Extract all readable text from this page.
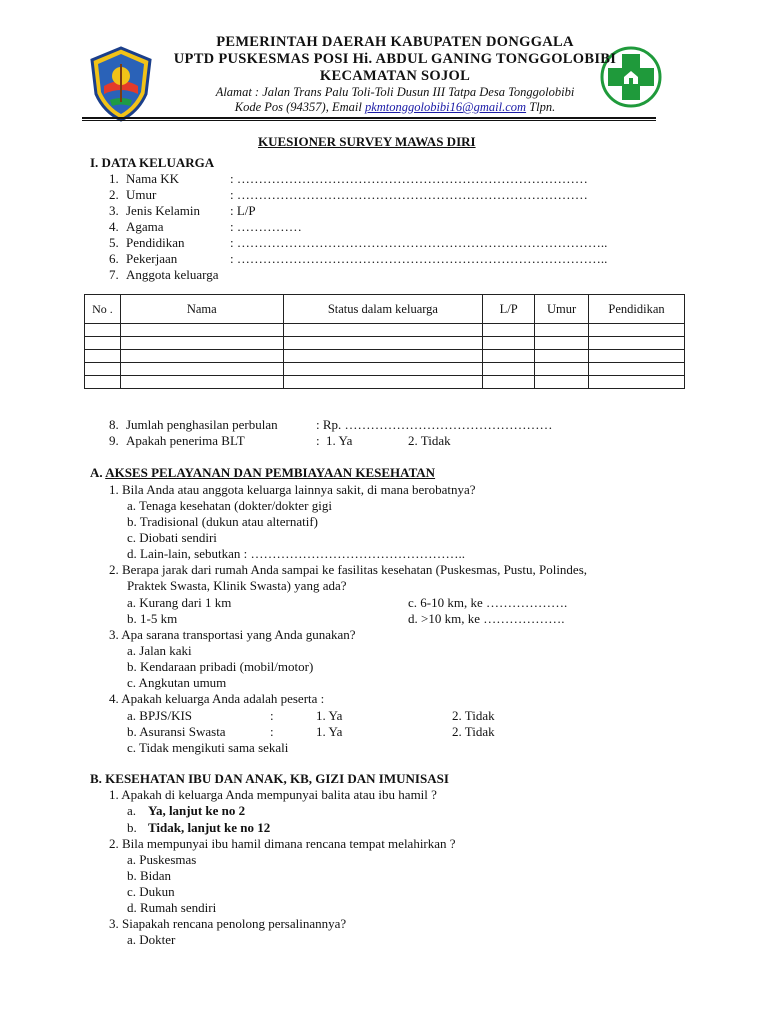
PEMERINTAH DAERAH KABUPATEN DONGGALA
UPTD PUSKESMAS POSI Hi. ABDUL GANING TONGGOLOBIBI
KECAMATAN SOJOL
Alamat : Jalan Trans Palu Toli-Toli Dusun III Tatpa Desa Tonggolobibi
Kode Pos (94357), Email pkmtonggolobibi16@gmail.com Tlpn.
KUESIONER SURVEY MAWAS DIRI
I. DATA KELUARGA
1. Nama KK	: ………………………………………………………………………
2. Umur	: ………………………………………………………………………
3. Jenis Kelamin : L/P
4. Agama	: ……………
5. Pendidikan	: …………………………………………………………………………..
6. Pekerjaan	: …………………………………………………………………………..
7. Anggota keluarga
No .	Nama	Status dalam keluarga	L/P	Umur	Pendidikan

8. Jumlah penghasilan perbulan	: Rp. …………………………………………
9. Apakah penerima BLT	: 1. Ya	2. Tidak
A. AKSES PELAYANAN DAN PEMBIAYAAN KESEHATAN
1. Bila Anda atau anggota keluarga lainnya sakit, di mana berobatnya?
a. Tenaga kesehatan (dokter/dokter gigi
b. Tradisional (dukun atau alternatif)
c. Diobati sendiri
d. Lain-lain, sebutkan : …………………………………………..
2. Berapa jarak dari rumah Anda sampai ke fasilitas kesehatan (Puskesmas, Pustu, Polindes,
Praktek Swasta, Klinik Swasta) yang ada?
a. Kurang dari 1 km	c. 6-10 km, ke ……………….
b. 1-5 km	d. >10 km, ke ……………….
3. Apa sarana transportasi yang Anda gunakan?
a. Jalan kaki
b. Kendaraan pribadi (mobil/motor)
c. Angkutan umum
4. Apakah keluarga Anda adalah peserta :
a. BPJS/KIS	:	1. Ya	2. Tidak
b. Asuransi Swasta	:	1. Ya	2. Tidak
c. Tidak mengikuti sama sekali
B. KESEHATAN IBU DAN ANAK, KB, GIZI DAN IMUNISASI
1. Apakah di keluarga Anda mempunyai balita atau ibu hamil ?
a. Ya, lanjut ke no 2
b. Tidak, lanjut ke no 12
2. Bila mempunyai ibu hamil dimana rencana tempat melahirkan ?
a. Puskesmas
b. Bidan
c. Dukun
d. Rumah sendiri
3. Siapakah rencana penolong persalinannya?
a. Dokter
